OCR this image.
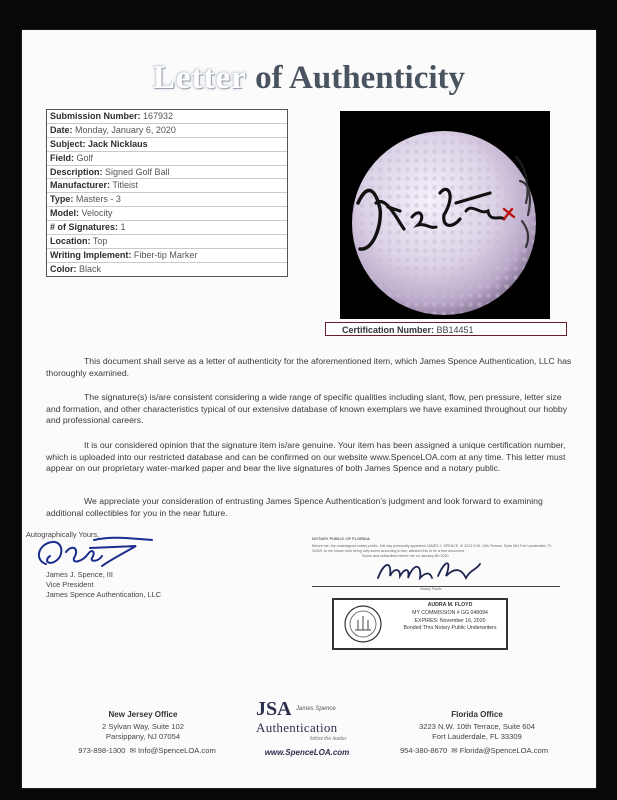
Letter of Authenticity
Submission Number: 167932
Date: Monday, January 6, 2020
Subject: Jack Nicklaus
Field: Golf
Description: Signed Golf Ball
Manufacturer: Titleist
Type: Masters - 3
Model: Velocity
# of Signatures: 1
Location: Top
Writing Implement: Fiber-tip Marker
Color: Black
Certification Number: BB14451
This document shall serve as a letter of authenticity for the aforementioned item, which James Spence Authentication, LLC has thoroughly examined.
The signature(s) is/are consistent considering a wide range of specific qualities including slant, flow, pen pressure, letter size and formation, and other characteristics typical of our extensive database of known exemplars we have examined throughout our hobby and professional careers.
It is our considered opinion that the signature item is/are genuine. Your item has been assigned a unique certification number, which is uploaded into our restricted database and can be confirmed on our website www.SpenceLOA.com at any time. This letter must appear on our proprietary water-marked paper and bear the live signatures of both James Spence and a notary public.
We appreciate your consideration of entrusting James Spence Authentication's judgment and look forward to examining additional collectibles for you in the near future.
Autographically Yours,
James J. Spence, III
Vice President
James Spence Authentication, LLC
NOTARY PUBLIC OF FLORIDA
Before me, the undersigned notary public, this day personally appeared JAMES J. SPENCE, III 3223 N.W. 10th Terrace, Suite 604 Fort Lauderdale, FL 33309, to me known who being duly sworn according to law, attested this to be a true document.
Sworn and subscribed before me on January 6th 2020
Notary Public
AUDRA M. FLOYD
MY COMMISSION # GG 048094
EXPIRES: November 16, 2020
Bonded Thru Notary Public Underwriters
New Jersey Office
2 Sylvan Way, Suite 102
Parsippany, NJ 07054
973-898-1300 ✉ Info@SpenceLOA.com
JSA James Spence
Authentication
follow the leader
www.SpenceLOA.com
Florida Office
3223 N.W. 10th Terrace, Suite 604
Fort Lauderdale, FL 33309
954-380-8670 ✉ Florida@SpenceLOA.com
